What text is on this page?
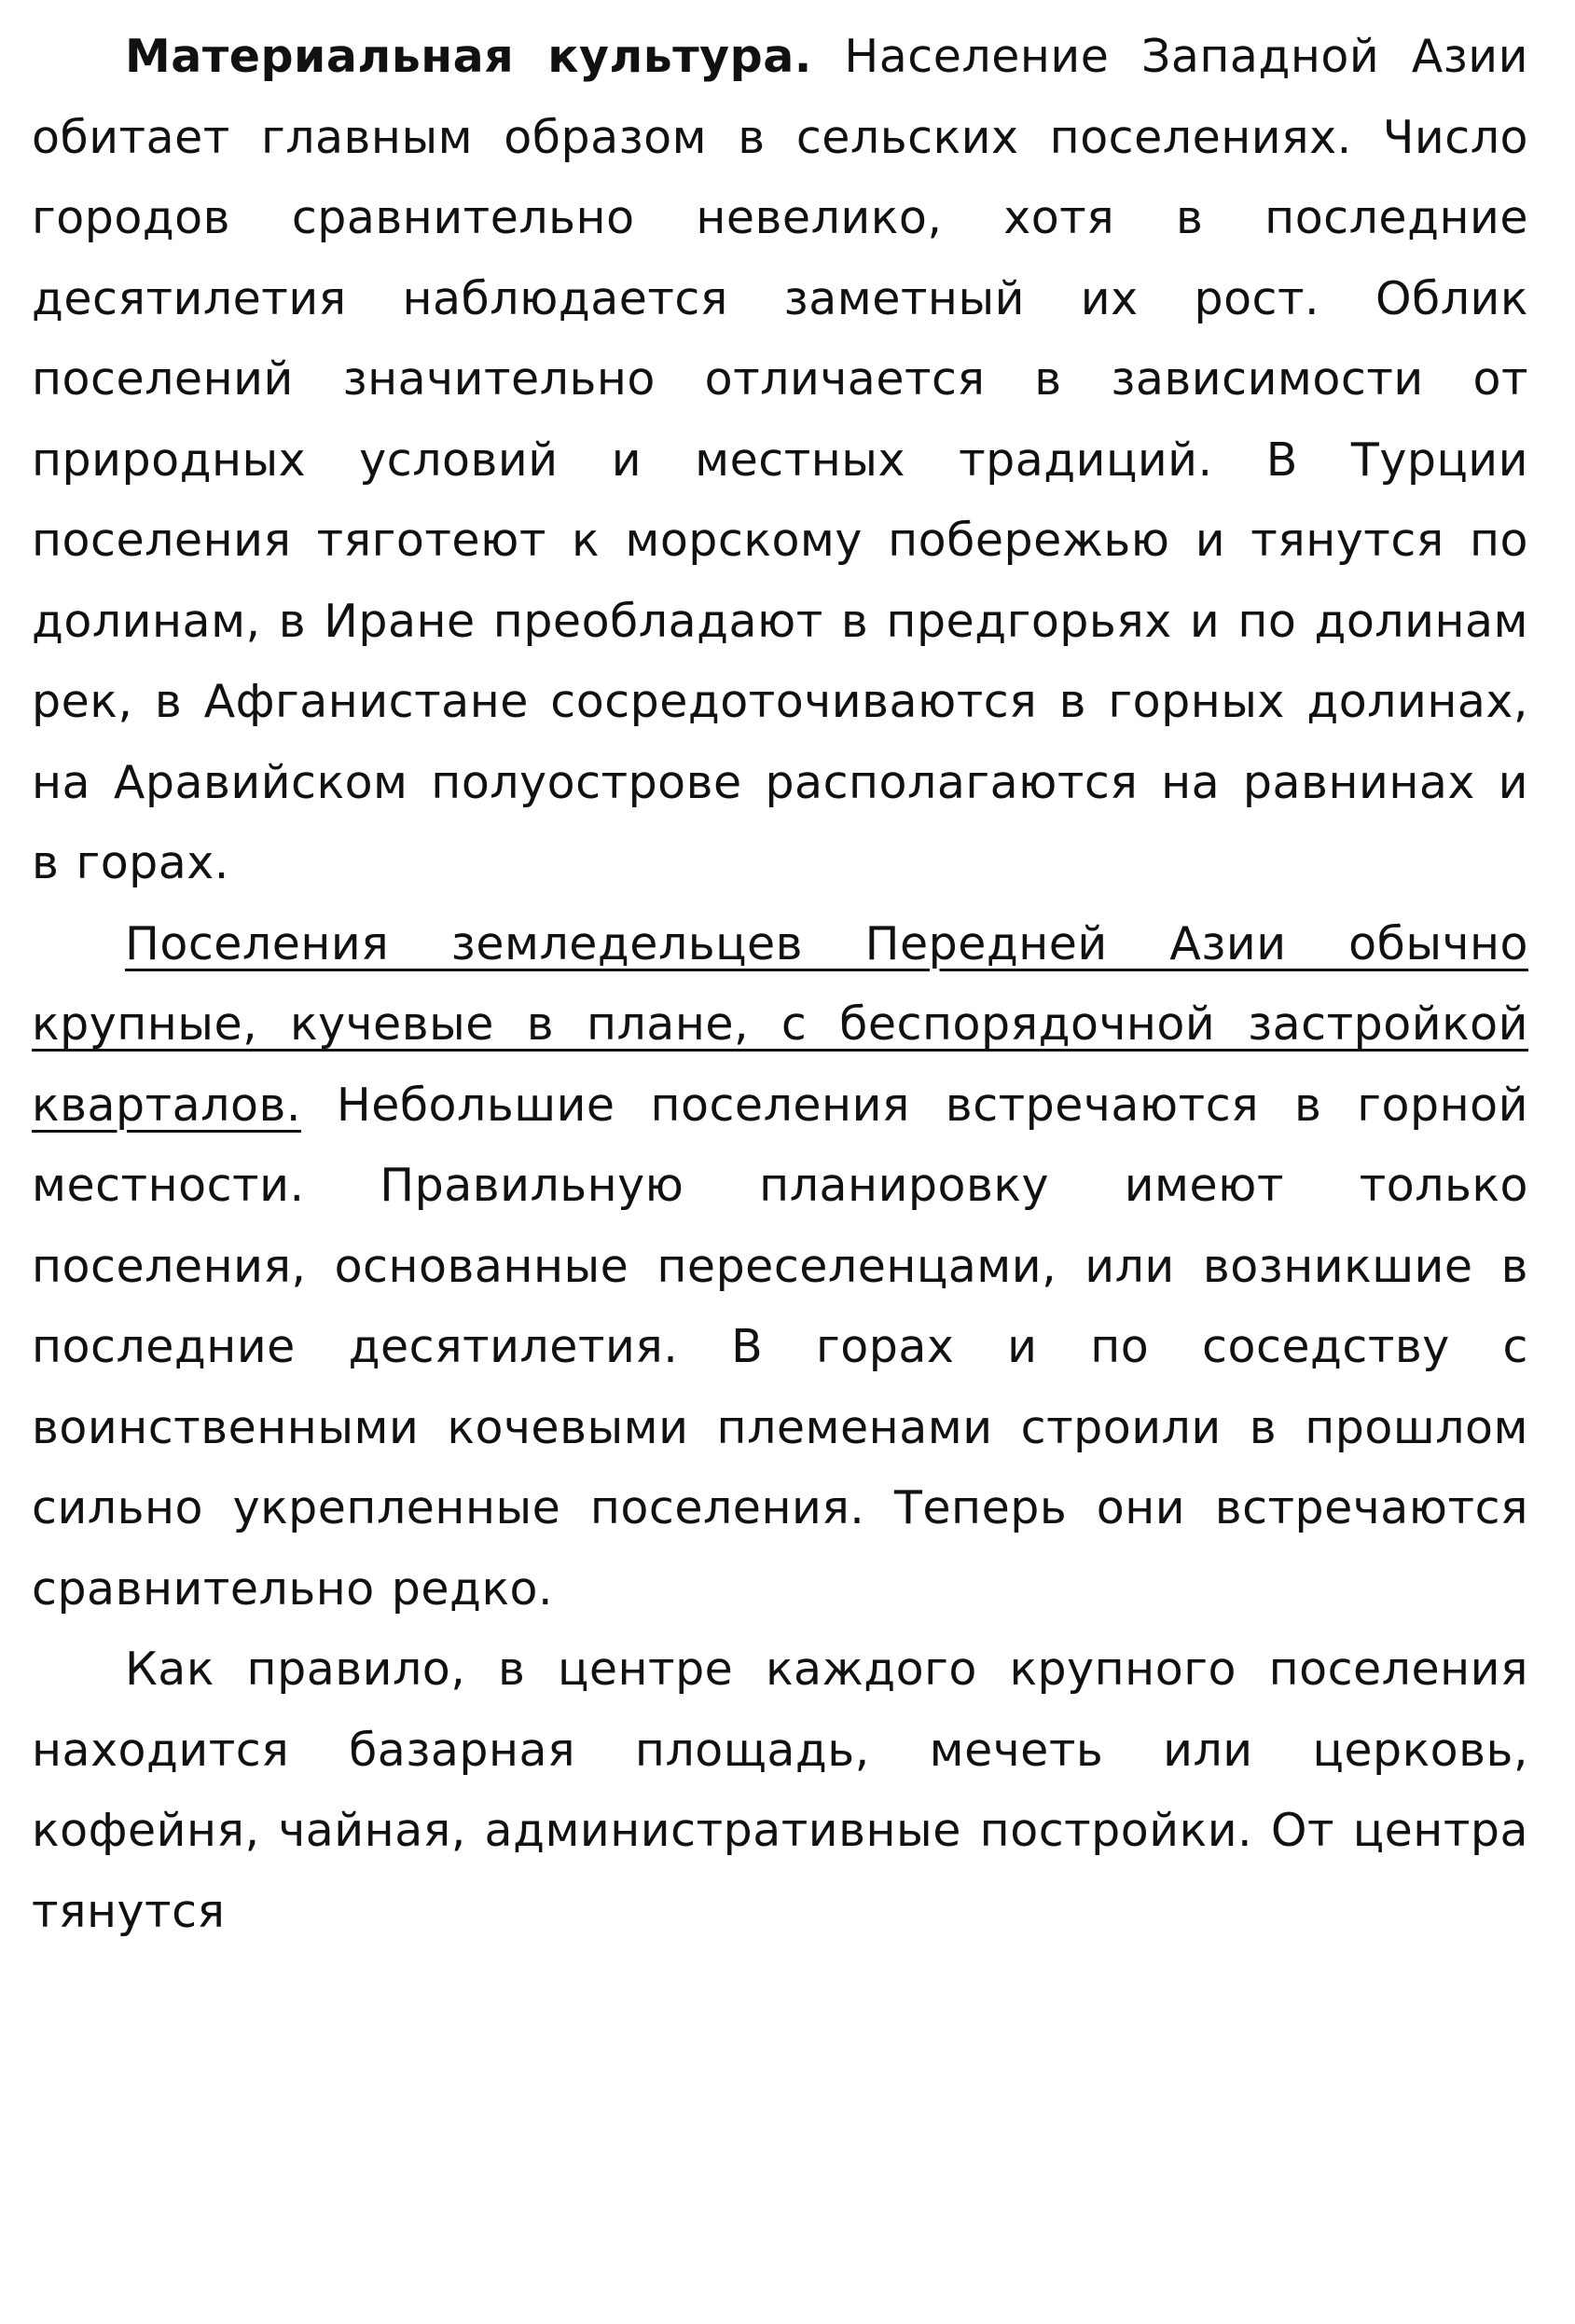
Материальная культура. Население Западной Азии обитает главным образом в сельских поселениях. Число городов сравнительно невелико, хотя в последние десятилетия наблюдается заметный их рост. Облик поселений значительно отличается в зависимости от природных условий и местных традиций. В Турции поселения тяготеют к морскому побережью и тянутся по долинам, в Иране преобладают в предгорьях и по долинам рек, в Афганистане сосредоточиваются в горных долинах, на Аравийском полуострове располагаются на равнинах и в горах.

Поселения земледельцев Передней Азии обычно крупные, кучевые в плане, с беспорядочной застройкой кварталов. Небольшие поселения встречаются в горной местности. Правильную планировку имеют только поселения, основанные переселенцами, или возникшие в последние десятилетия. В горах и по соседству с воинственными кочевыми племенами строили в прошлом сильно укрепленные поселения. Теперь они встречаются сравнительно редко.

Как правило, в центре каждого крупного поселения находится базарная площадь, мечеть или церковь, кофейня, чайная, административные постройки. От центра тянутся
